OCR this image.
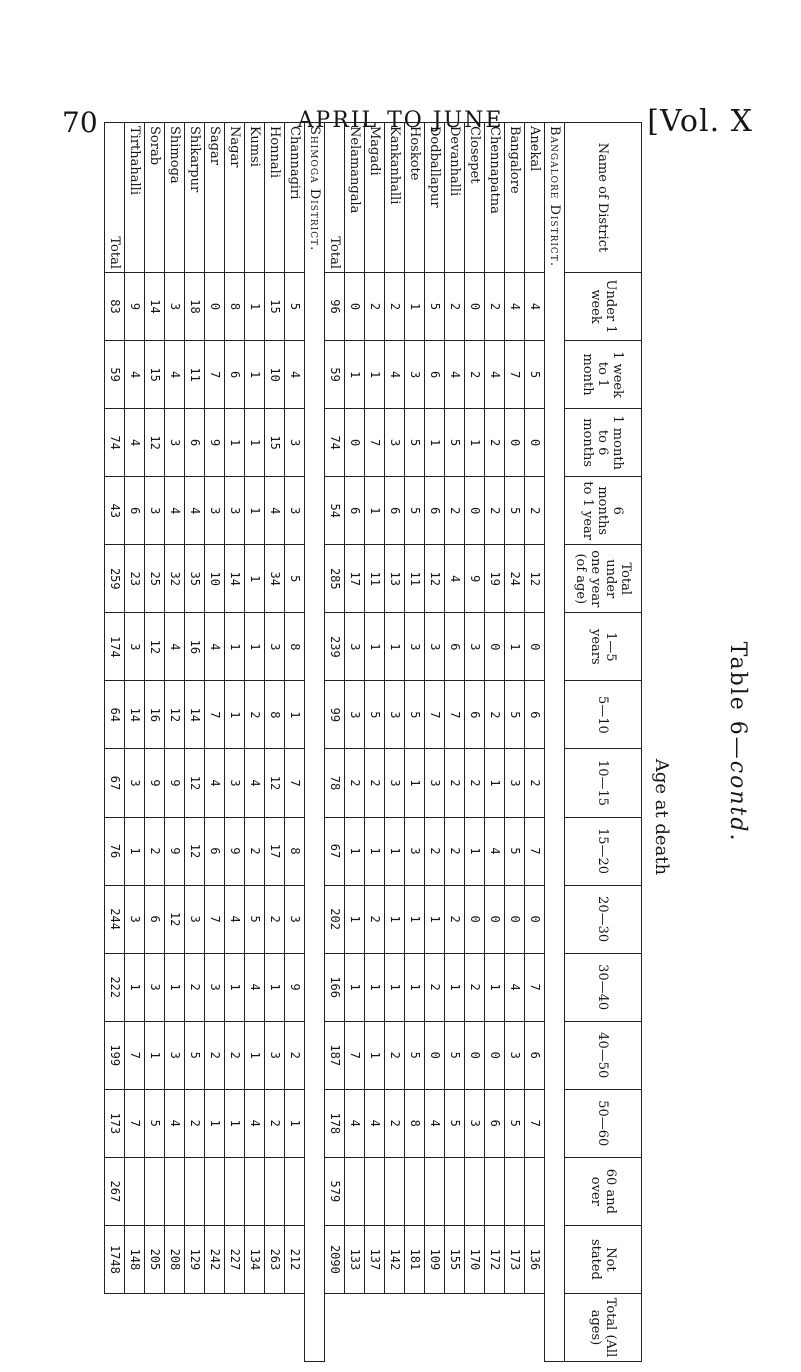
70	APRIL TO JUNE	[Vol. X
Table 6—contd.
Age at death
Name of District	Under 1 week	1 week to 1 month	1 month to 6 months	6 months to 1 year	Total under one year (of age)	1—5 years	5—10	10—15	15—20	20—30	30—40	40—50	50—60	60 and over	Not stated	Total (All ages)
Bangalore District.																
Anekal	4	5	0	2	12	0	6	2	7	0	7	6	7		136	
Bangalore	4	7	0	5	24	1	5	3	5	0	4	3	5		173	
Chennapatna	2	4	2	2	19	0	2	1	4	0	1	0	6		172	
Closepet	0	2	1	0	9	3	6	2	1	0	2	0	3		170	
Devanhalli	2	4	5	2	4	6	7	2	2	2	1	5	5		155	
Dodballapur	5	6	1	6	12	3	7	3	2	1	2	0	4		109	
Hoskote	1	3	5	5	11	3	5	1	3	1	1	5	8		181	
Kankanhalli	2	4	3	6	13	1	3	3	1	1	1	2	2		142	
Magadi	2	1	7	1	11	1	5	2	1	2	1	1	4		137	
Nelamangala	0	1	0	6	17	3	3	2	1	1	1	7	4		133	
Total	96	59	74	54	285	239	99	78	67	202	166	187	178	579	2090	
Shimoga District.																
Channagiri	5	4	3	3	5	8	1	7	8	3	9	2	1		212	
Honnali	15	10	15	4	34	3	8	12	17	2	1	3	2		263	
Kumsi	1	1	1	1	1	1	2	4	2	5	4	1	4		134	
Nagar	8	6	1	3	14	1	1	3	9	4	1	2	1		227	
Sagar	0	7	9	3	10	4	7	4	6	7	3	2	1		242	
Shikarpur	18	11	6	4	35	16	14	12	12	3	2	5	2		129	
Shimoga	3	4	3	4	32	4	12	9	9	12	1	3	4		208	
Sorab	14	15	12	3	25	12	16	9	2	6	3	1	5		205	
Tirthahalli	9	4	4	6	23	3	14	3	1	3	1	7	7		148	
Total	83	59	74	43	259	174	64	67	76	244	222	199	173	267	1748	
